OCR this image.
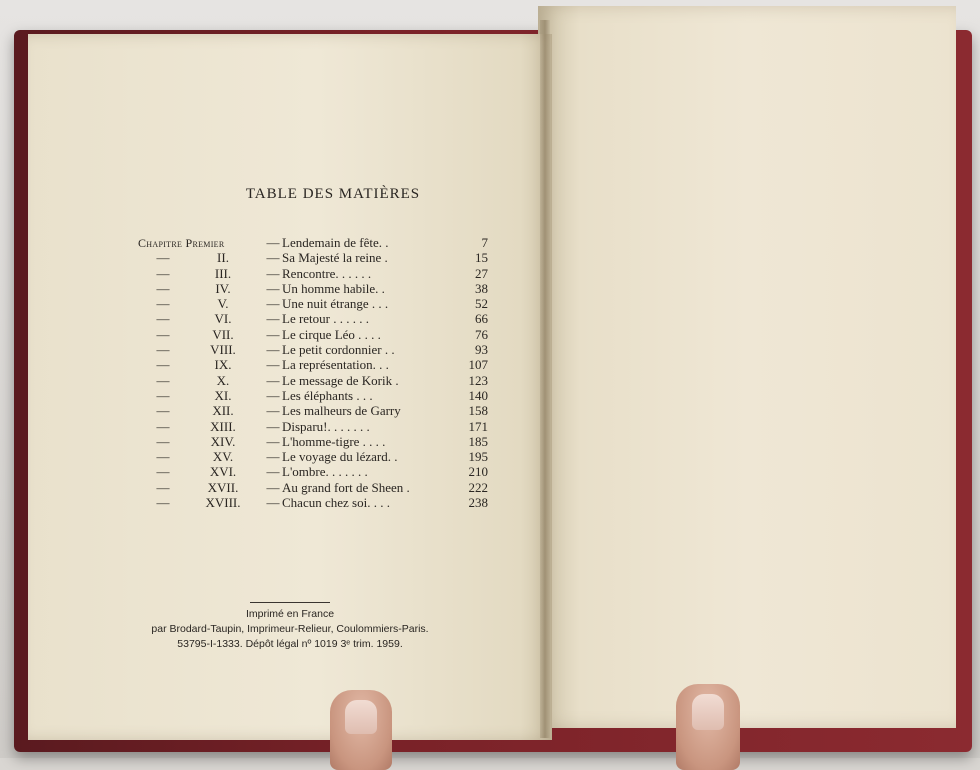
TABLE DES MATIÈRES
Chapitre Premier	— Lendemain de fête. .	7
—	II.	— Sa Majesté la reine .	15
—	III.	— Rencontre. . . . . .	27
—	IV.	— Un homme habile. .	38
—	V.	— Une nuit étrange . . .	52
—	VI.	— Le retour . . . . . .	66
—	VII.	— Le cirque Léo . . . .	76
—	VIII.	— Le petit cordonnier . .	93
—	IX.	— La représentation. . .	107
—	X.	— Le message de Korik .	123
—	XI.	— Les éléphants . . .	140
—	XII.	— Les malheurs de Garry	158
—	XIII.	— Disparu!. . . . . . .	171
—	XIV.	— L'homme-tigre . . . .	185
—	XV.	— Le voyage du lézard. .	195
—	XVI.	— L'ombre. . . . . . .	210
—	XVII.	— Au grand fort de Sheen .	222
—	XVIII.	— Chacun chez soi. . . .	238
Imprimé en France
par Brodard-Taupin, Imprimeur-Relieur, Coulommiers-Paris.
53795-I-1333. Dépôt légal nº 1019 3ᵉ trim. 1959.
